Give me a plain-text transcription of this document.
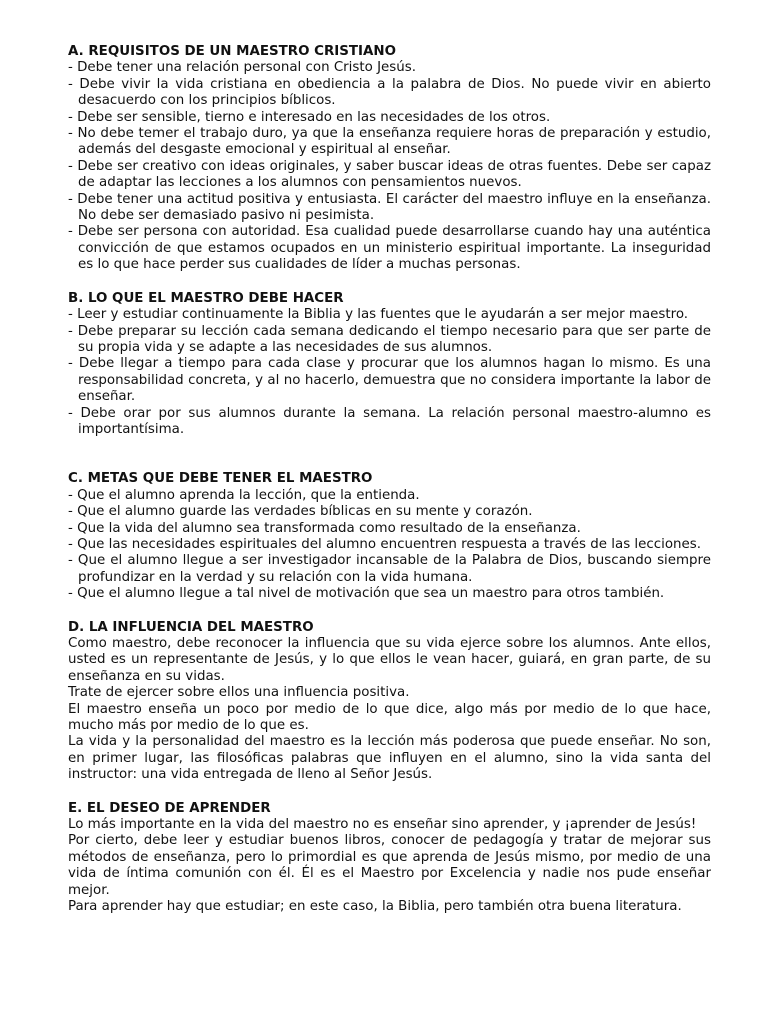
A. REQUISITOS DE UN MAESTRO CRISTIANO
- Debe tener una relación personal con Cristo Jesús.
- Debe vivir la vida cristiana en obediencia a la palabra de Dios. No puede vivir en abierto desacuerdo con los principios bíblicos.
- Debe ser sensible, tierno e interesado en las necesidades de los otros.
- No debe temer el trabajo duro, ya que la enseñanza requiere horas de preparación y estudio, además del desgaste emocional y espiritual al enseñar.
- Debe ser creativo con ideas originales, y saber buscar ideas de otras fuentes. Debe ser capaz de adaptar las lecciones a los alumnos con pensamientos nuevos.
- Debe tener una actitud positiva y entusiasta. El carácter del maestro influye en la enseñanza. No debe ser demasiado pasivo ni pesimista.
- Debe ser persona con autoridad. Esa cualidad puede desarrollarse cuando hay una auténtica convicción de que estamos ocupados en un ministerio espiritual importante. La inseguridad es lo que hace perder sus cualidades de líder a muchas personas.
B. LO QUE EL MAESTRO DEBE HACER
- Leer y estudiar continuamente la Biblia y las fuentes que le ayudarán a ser mejor maestro.
- Debe preparar su lección cada semana dedicando el tiempo necesario para que ser parte de su propia vida y se adapte a las necesidades de sus alumnos.
- Debe llegar a tiempo para cada clase y procurar que los alumnos hagan lo mismo. Es una responsabilidad concreta, y al no hacerlo, demuestra que no considera importante la labor de enseñar.
- Debe orar por sus alumnos durante la semana. La relación personal maestro-alumno es importantísima.
C. METAS QUE DEBE TENER EL MAESTRO
- Que el alumno aprenda la lección, que la entienda.
- Que el alumno guarde las verdades bíblicas en su mente y corazón.
- Que la vida del alumno sea transformada como resultado de la enseñanza.
- Que las necesidades espirituales del alumno encuentren respuesta a través de las lecciones.
- Que el alumno llegue a ser investigador incansable de la Palabra de Dios, buscando siempre profundizar en la verdad y su relación con la vida humana.
- Que el alumno llegue a tal nivel de motivación que sea un maestro para otros también.
D. LA INFLUENCIA DEL MAESTRO

Como maestro, debe reconocer la influencia que su vida ejerce sobre los alumnos. Ante ellos, usted es un representante de Jesús, y lo que ellos le vean hacer, guiará, en gran parte, de su enseñanza en su vidas.

Trate de ejercer sobre ellos una influencia positiva.

El maestro enseña un poco por medio de lo que dice, algo más por medio de lo que hace, mucho más por medio de lo que es.

La vida y la personalidad del maestro es la lección más poderosa que puede enseñar. No son, en primer lugar, las filosóficas palabras que influyen en el alumno, sino la vida santa del instructor: una vida entregada de lleno al Señor Jesús.

E. EL DESEO DE APRENDER

Lo más importante en la vida del maestro no es enseñar sino aprender, y ¡aprender de Jesús!

Por cierto, debe leer y estudiar buenos libros, conocer de pedagogía y tratar de mejorar sus métodos de enseñanza, pero lo primordial es que aprenda de Jesús mismo, por medio de una vida de íntima comunión con él. Él es el Maestro por Excelencia y nadie nos pude enseñar mejor.

Para aprender hay que estudiar; en este caso, la Biblia, pero también otra buena literatura.
